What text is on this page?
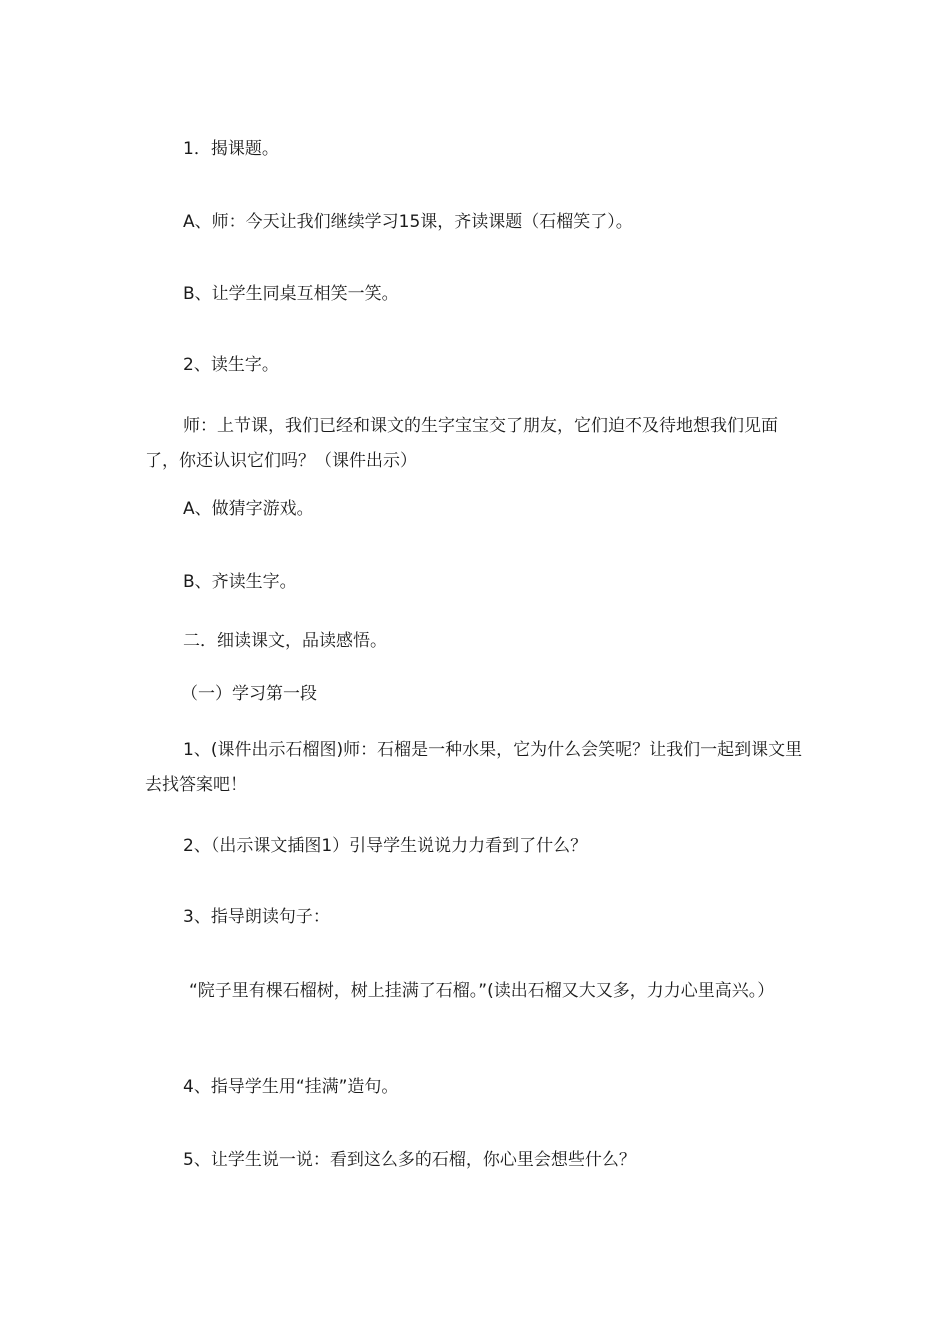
1．揭课题。

A、师：今天让我们继续学习15课，齐读课题（石榴笑了）。

B、让学生同桌互相笑一笑。

2、读生字。

师：上节课，我们已经和课文的生字宝宝交了朋友，它们迫不及待地想我们见面了，你还认识它们吗？（课件出示）

A、做猜字游戏。

B、齐读生字。

二．细读课文，品读感悟。

（一）学习第一段

1、(课件出示石榴图)师：石榴是一种水果，它为什么会笑呢？让我们一起到课文里去找答案吧！

2、（出示课文插图1）引导学生说说力力看到了什么？

3、指导朗读句子：

“院子里有棵石榴树，树上挂满了石榴。”(读出石榴又大又多，力力心里高兴。）

4、指导学生用“挂满”造句。

5、让学生说一说：看到这么多的石榴，你心里会想些什么？
